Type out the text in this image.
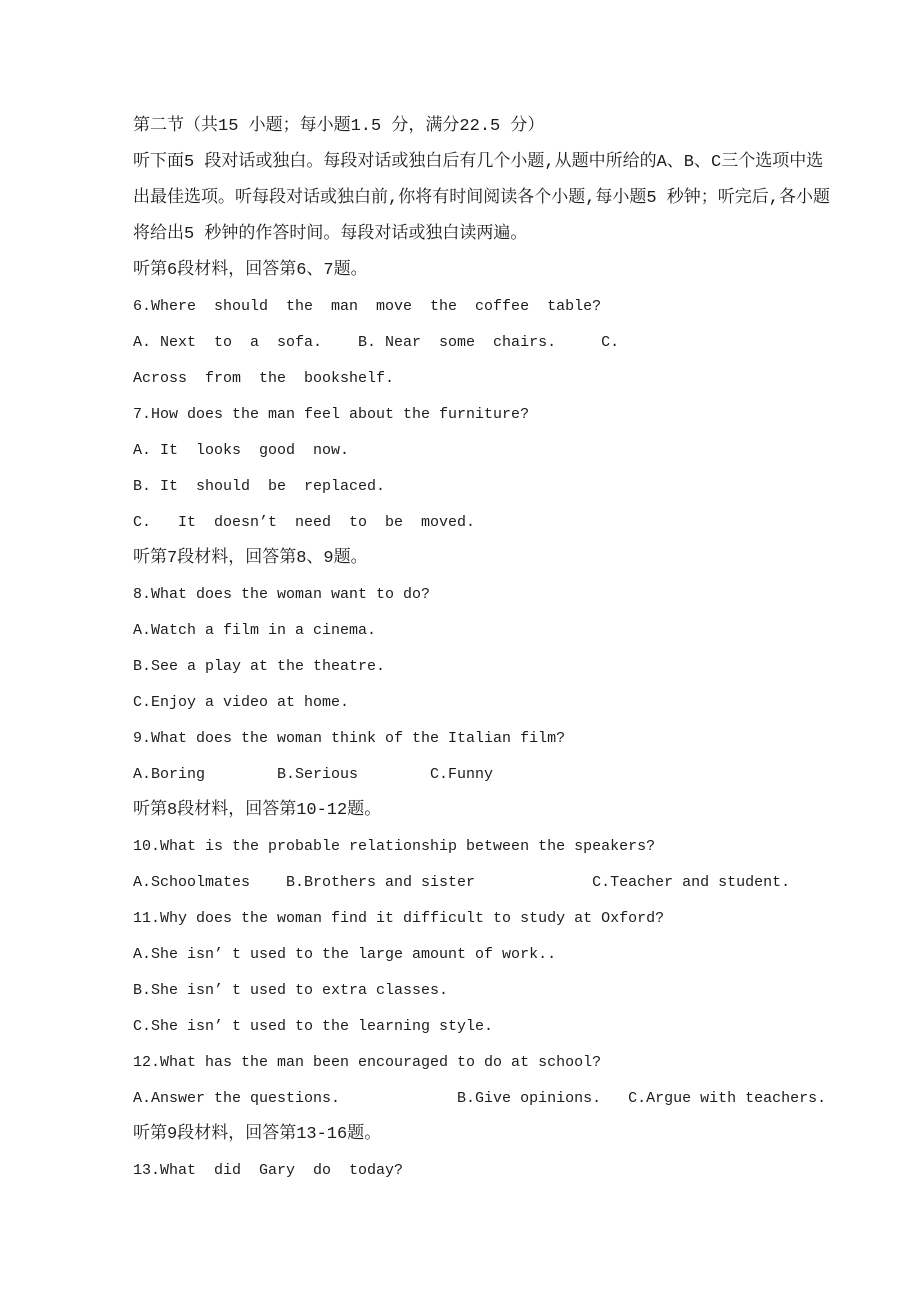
第二节（共15 小题；每小题1.5 分，满分22.5 分）

听下面5 段对话或独白。每段对话或独白后有几个小题,从题中所给的A、B、C三个选项中选

出最佳选项。听每段对话或独白前,你将有时间阅读各个小题,每小题5 秒钟；听完后,各小题

将给出5 秒钟的作答时间。每段对话或独白读两遍。

听第6段材料，回答第6、7题。

6.Where  should  the  man  move  the  coffee  table?

A. Next  to  a  sofa.    B. Near  some  chairs.     C.

Across  from  the  bookshelf.

7.How does the man feel about the furniture?

A. It  looks  good  now.

B. It  should  be  replaced.

C.   It  doesn’t  need  to  be  moved.

听第7段材料，回答第8、9题。

8.What does the woman want to do?

A.Watch a film in a cinema.

B.See a play at the theatre.

C.Enjoy a video at home.

9.What does the woman think of the Italian film?

A.Boring        B.Serious        C.Funny

听第8段材料，回答第10-12题。

10.What is the probable relationship between the speakers?

A.Schoolmates    B.Brothers and sister             C.Teacher and student.

11.Why does the woman find it difficult to study at Oxford?

A.She isn’ t used to the large amount of work..

B.She isn’ t used to extra classes.

C.She isn’ t used to the learning style.

12.What has the man been encouraged to do at school?

A.Answer the questions.             B.Give opinions.   C.Argue with teachers.

听第9段材料，回答第13-16题。

13.What  did  Gary  do  today?
